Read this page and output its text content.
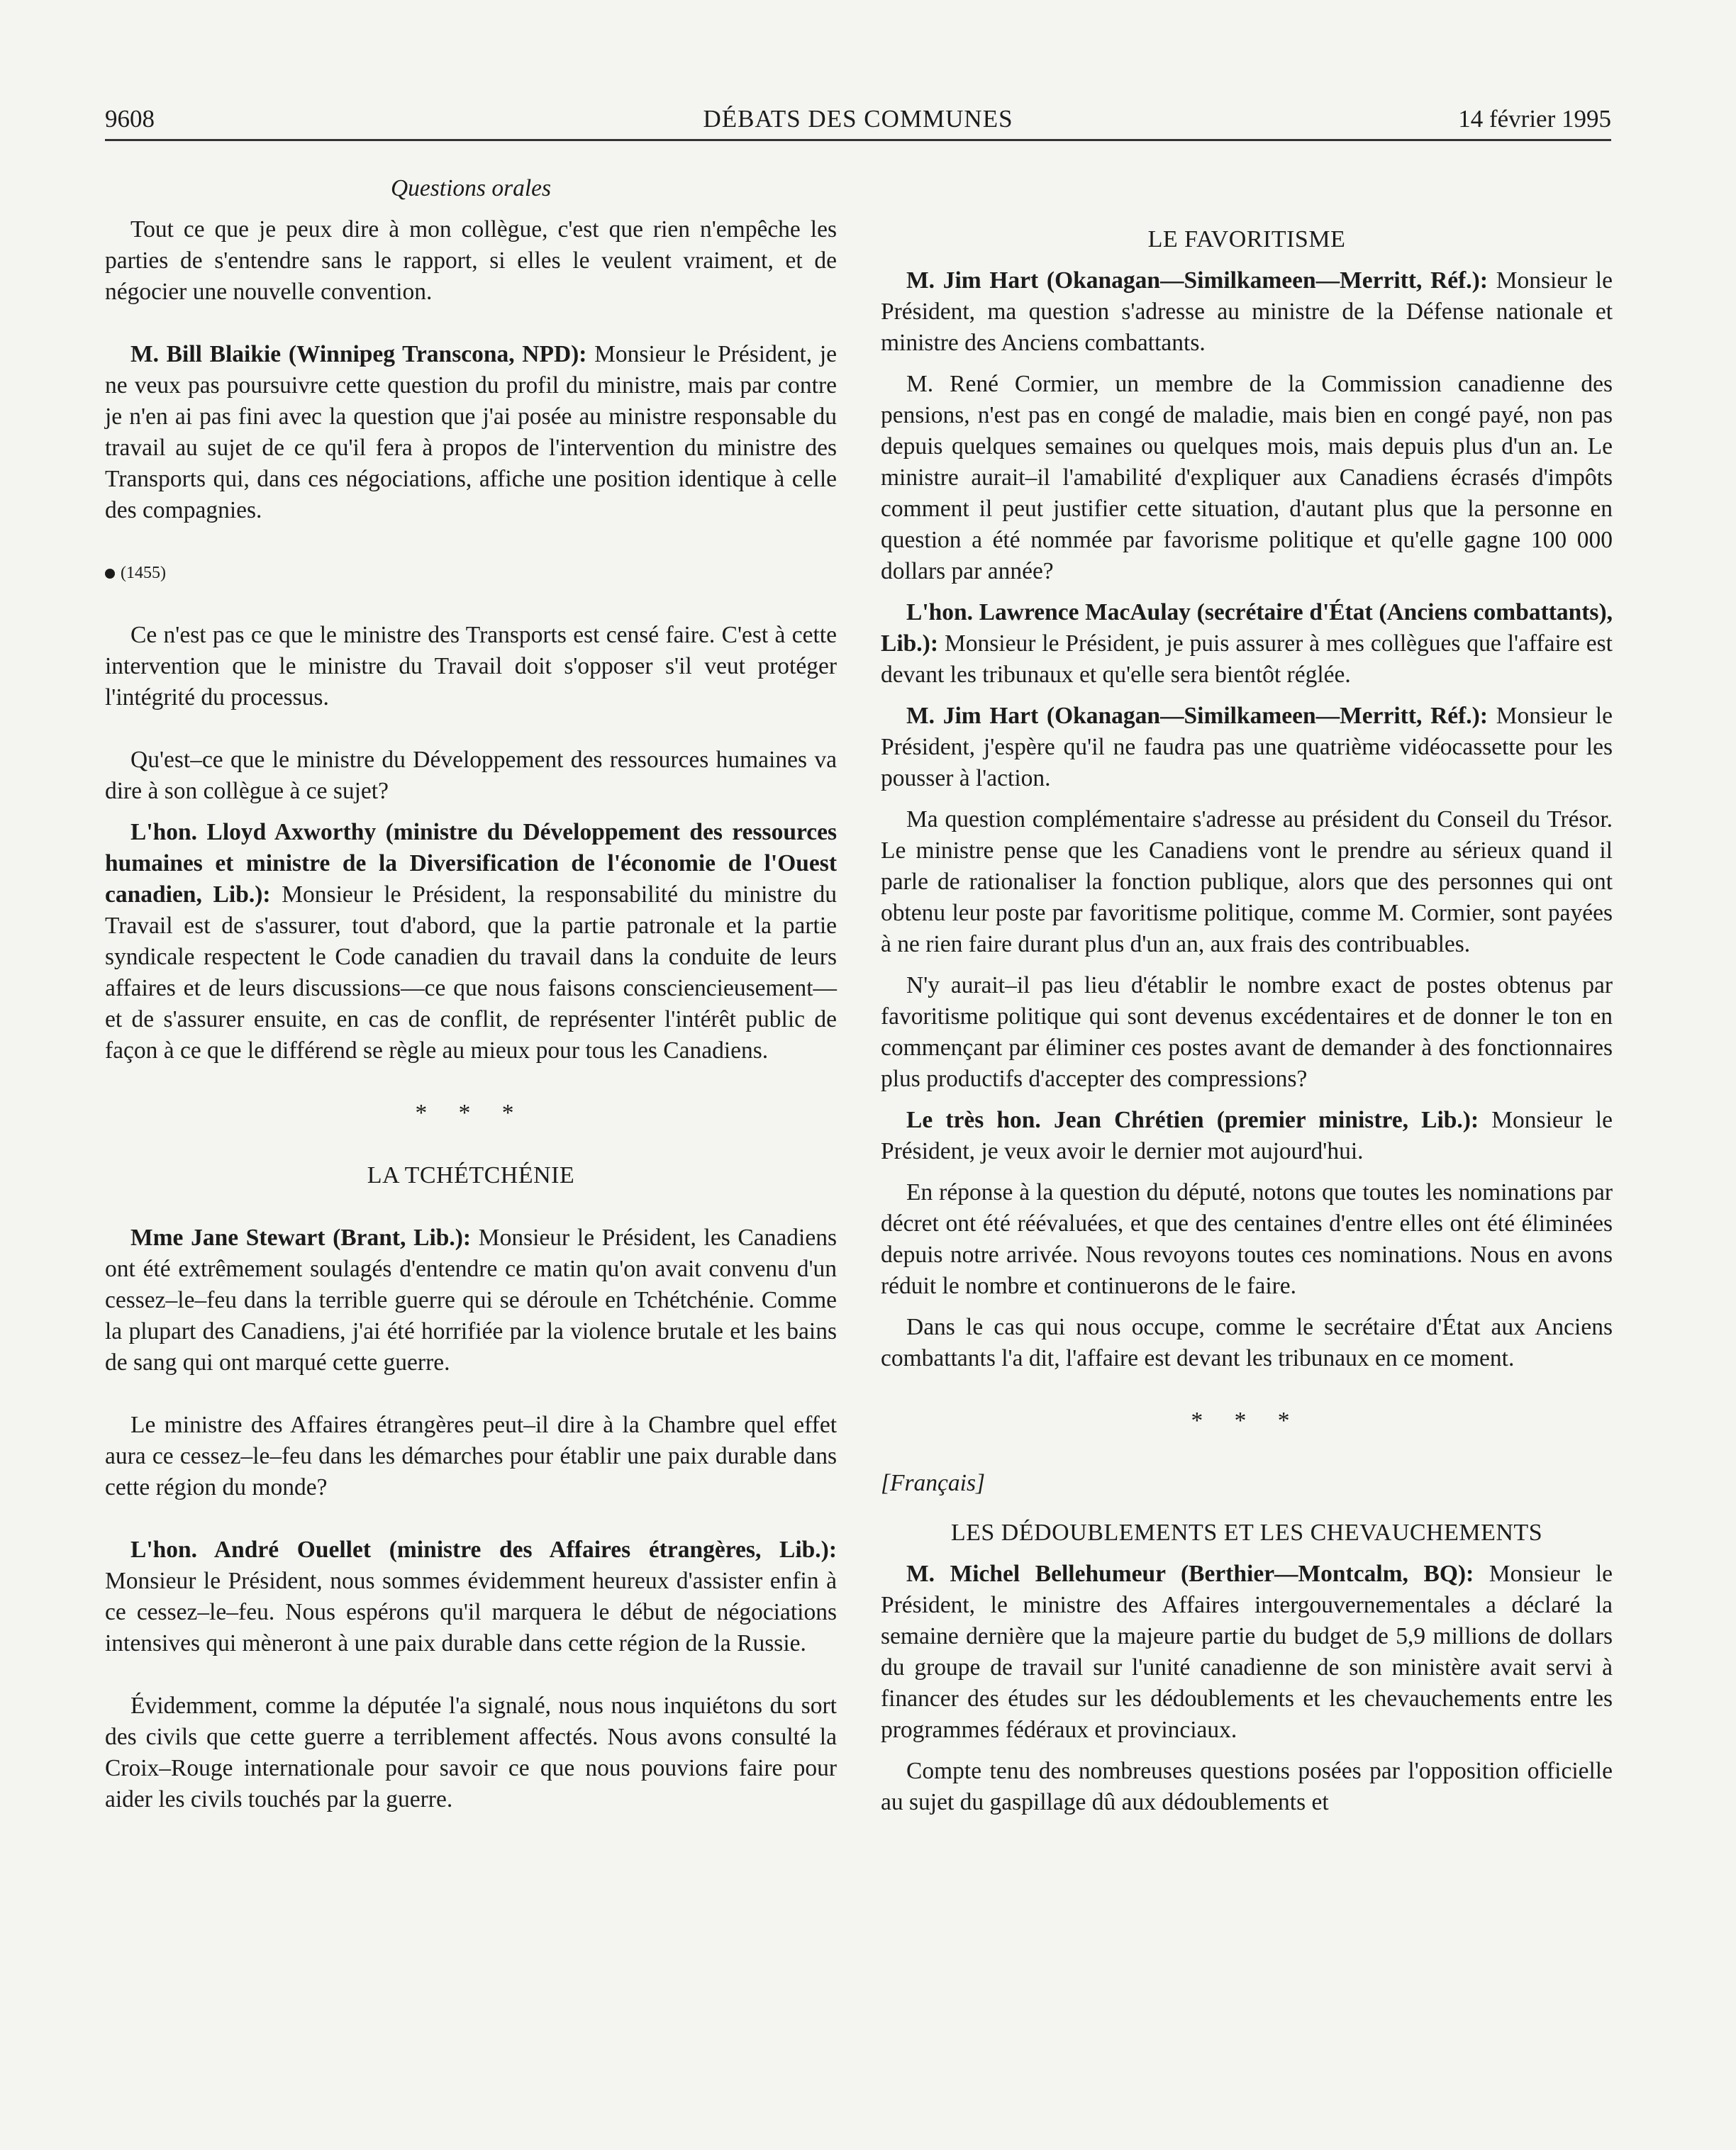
9608	DÉBATS DES COMMUNES	14 février 1995

Questions orales

Tout ce que je peux dire à mon collègue, c'est que rien n'empêche les parties de s'entendre sans le rapport, si elles le veulent vraiment, et de négocier une nouvelle convention.

M. Bill Blaikie (Winnipeg Transcona, NPD): Monsieur le Président, je ne veux pas poursuivre cette question du profil du ministre, mais par contre je n'en ai pas fini avec la question que j'ai posée au ministre responsable du travail au sujet de ce qu'il fera à propos de l'intervention du ministre des Transports qui, dans ces négociations, affiche une position identique à celle des compagnies.

(1455)

Ce n'est pas ce que le ministre des Transports est censé faire. C'est à cette intervention que le ministre du Travail doit s'opposer s'il veut protéger l'intégrité du processus.

Qu'est–ce que le ministre du Développement des ressources humaines va dire à son collègue à ce sujet?

L'hon. Lloyd Axworthy (ministre du Développement des ressources humaines et ministre de la Diversification de l'économie de l'Ouest canadien, Lib.): Monsieur le Président, la responsabilité du ministre du Travail est de s'assurer, tout d'abord, que la partie patronale et la partie syndicale respectent le Code canadien du travail dans la conduite de leurs affaires et de leurs discussions—ce que nous faisons consciencieusement—et de s'assurer ensuite, en cas de conflit, de représenter l'intérêt public de façon à ce que le différend se règle au mieux pour tous les Canadiens.

* * *

LA TCHÉTCHÉNIE

Mme Jane Stewart (Brant, Lib.): Monsieur le Président, les Canadiens ont été extrêmement soulagés d'entendre ce matin qu'on avait convenu d'un cessez–le–feu dans la terrible guerre qui se déroule en Tchétchénie. Comme la plupart des Canadiens, j'ai été horrifiée par la violence brutale et les bains de sang qui ont marqué cette guerre.

Le ministre des Affaires étrangères peut–il dire à la Chambre quel effet aura ce cessez–le–feu dans les démarches pour établir une paix durable dans cette région du monde?

L'hon. André Ouellet (ministre des Affaires étrangères, Lib.): Monsieur le Président, nous sommes évidemment heureux d'assister enfin à ce cessez–le–feu. Nous espérons qu'il marquera le début de négociations intensives qui mèneront à une paix durable dans cette région de la Russie.

Évidemment, comme la députée l'a signalé, nous nous inquiétons du sort des civils que cette guerre a terriblement affectés. Nous avons consulté la Croix–Rouge internationale pour savoir ce que nous pouvions faire pour aider les civils touchés par la guerre.

LE FAVORITISME

M. Jim Hart (Okanagan—Similkameen—Merritt, Réf.): Monsieur le Président, ma question s'adresse au ministre de la Défense nationale et ministre des Anciens combattants.

M. René Cormier, un membre de la Commission canadienne des pensions, n'est pas en congé de maladie, mais bien en congé payé, non pas depuis quelques semaines ou quelques mois, mais depuis plus d'un an. Le ministre aurait–il l'amabilité d'expliquer aux Canadiens écrasés d'impôts comment il peut justifier cette situation, d'autant plus que la personne en question a été nommée par favorisme politique et qu'elle gagne 100 000 dollars par année?

L'hon. Lawrence MacAulay (secrétaire d'État (Anciens combattants), Lib.): Monsieur le Président, je puis assurer à mes collègues que l'affaire est devant les tribunaux et qu'elle sera bientôt réglée.

M. Jim Hart (Okanagan—Similkameen—Merritt, Réf.): Monsieur le Président, j'espère qu'il ne faudra pas une quatrième vidéocassette pour les pousser à l'action.

Ma question complémentaire s'adresse au président du Conseil du Trésor. Le ministre pense que les Canadiens vont le prendre au sérieux quand il parle de rationaliser la fonction publique, alors que des personnes qui ont obtenu leur poste par favoritisme politique, comme M. Cormier, sont payées à ne rien faire durant plus d'un an, aux frais des contribuables.

N'y aurait–il pas lieu d'établir le nombre exact de postes obtenus par favoritisme politique qui sont devenus excédentaires et de donner le ton en commençant par éliminer ces postes avant de demander à des fonctionnaires plus productifs d'accepter des compressions?

Le très hon. Jean Chrétien (premier ministre, Lib.): Monsieur le Président, je veux avoir le dernier mot aujourd'hui.

En réponse à la question du député, notons que toutes les nominations par décret ont été réévaluées, et que des centaines d'entre elles ont été éliminées depuis notre arrivée. Nous revoyons toutes ces nominations. Nous en avons réduit le nombre et continuerons de le faire.

Dans le cas qui nous occupe, comme le secrétaire d'État aux Anciens combattants l'a dit, l'affaire est devant les tribunaux en ce moment.

* * *

[Français]

LES DÉDOUBLEMENTS ET LES CHEVAUCHEMENTS

M. Michel Bellehumeur (Berthier—Montcalm, BQ): Monsieur le Président, le ministre des Affaires intergouvernementales a déclaré la semaine dernière que la majeure partie du budget de 5,9 millions de dollars du groupe de travail sur l'unité canadienne de son ministère avait servi à financer des études sur les dédoublements et les chevauchements entre les programmes fédéraux et provinciaux.

Compte tenu des nombreuses questions posées par l'opposition officielle au sujet du gaspillage dû aux dédoublements et
